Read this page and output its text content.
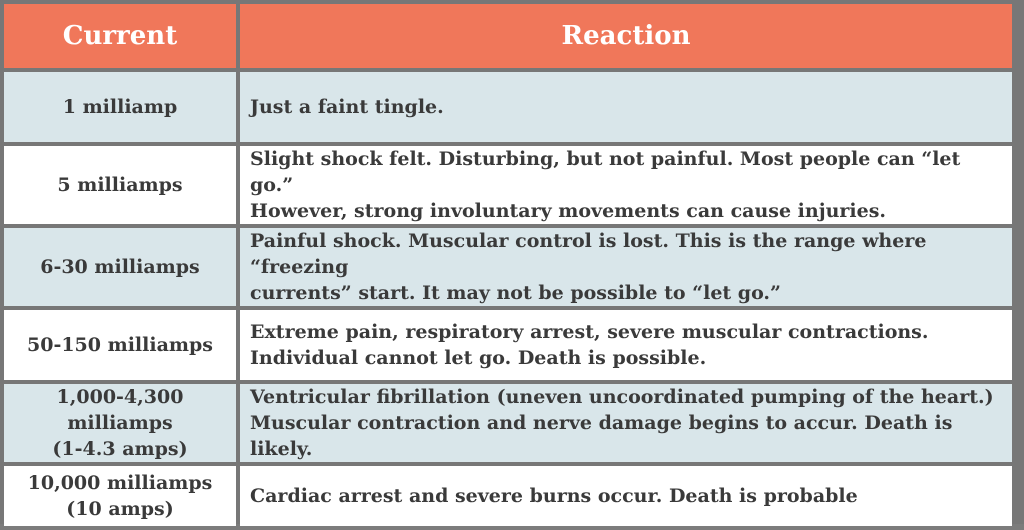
Current	Reaction

1 milliamp	Just a faint tingle.

5 milliamps	Slight shock felt. Disturbing, but not painful. Most people can “let go.”
However, strong involuntary movements can cause injuries.

6-30 milliamps	Painful shock. Muscular control is lost. This is the range where “freezing
currents” start. It may not be possible to “let go.”

50-150 milliamps	Extreme pain, respiratory arrest, severe muscular contractions.
Individual cannot let go. Death is possible.

1,000-4,300 milliamps
(1-4.3 amps)	Ventricular fibrillation (uneven uncoordinated pumping of the heart.)
Muscular contraction and nerve damage begins to accur. Death is likely.

10,000 milliamps
(10 amps)	Cardiac arrest and severe burns occur. Death is probable
